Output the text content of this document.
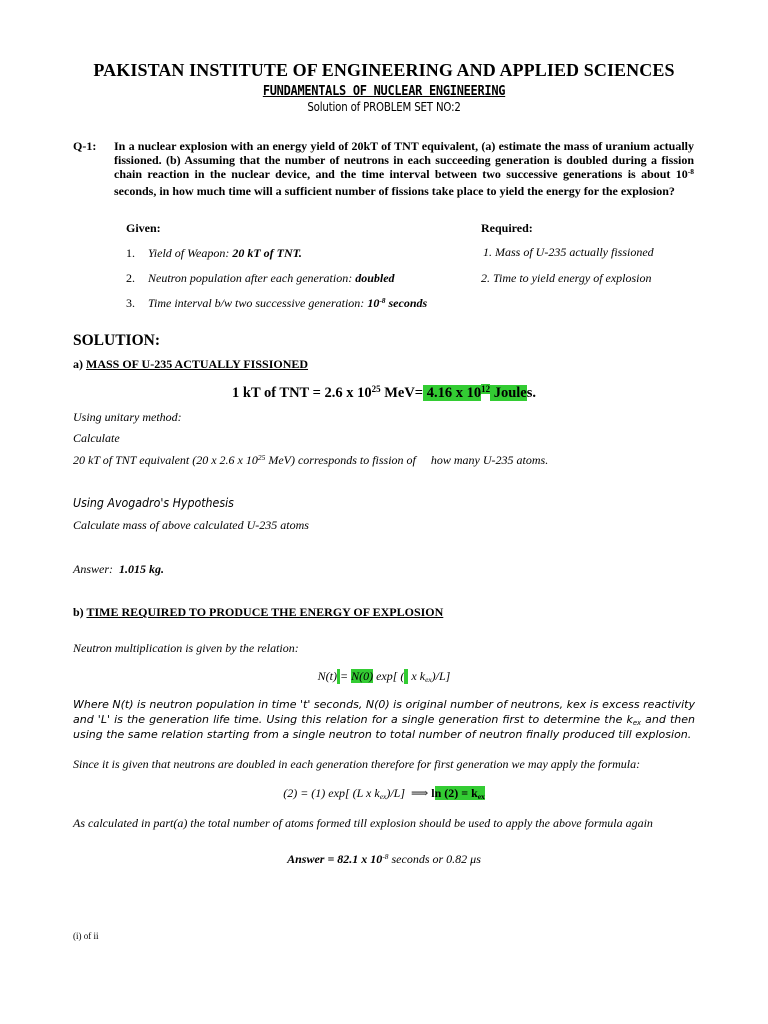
PAKISTAN INSTITUTE OF ENGINEERING AND APPLIED SCIENCES
FUNDAMENTALS OF NUCLEAR ENGINEERING
Solution of PROBLEM SET NO:2
Q-1: In a nuclear explosion with an energy yield of 20kT of TNT equivalent, (a) estimate the mass of uranium actually fissioned. (b) Assuming that the number of neutrons in each succeeding generation is doubled during a fission chain reaction in the nuclear device, and the time interval between two successive generations is about $10^{-8}$ seconds, in how much time will a sufficient number of fissions take place to yield the energy for the explosion?
Given:	Required:
1. Yield of Weapon: 20 kT of TNT.
2. Neutron population after each generation: doubled
3. Time interval b/w two successive generation: $10^{-8}$ seconds
1. Mass of U-235 actually fissioned
2. Time to yield energy of explosion
SOLUTION:
a) MASS OF U-235 ACTUALLY FISSIONED
1 kT of TNT = 2.6 x $10^{25}$ MeV= 4.16 x $10^{12}$ Joules.
Using unitary method:
Calculate
20 kT of TNT equivalent (20 x 2.6 x $10^{25}$ MeV) corresponds to fission of how many U-235 atoms.
Using Avogadro's Hypothesis
Calculate mass of above calculated U-235 atoms
Answer: 1.015 kg.
b) TIME REQUIRED TO PRODUCE THE ENERGY OF EXPLOSION
Neutron multiplication is given by the relation:
N(t) = N(0) exp[ (  x $k_{ex})/L$]
Where N(t) is neutron population in time 't' seconds, N(0) is original number of neutrons, kex is excess reactivity and 'L' is the generation life time. Using this relation for a single generation first to determine the $k_{ex}$ and then using the same relation starting from a single neutron to total number of neutron finally produced till explosion.
Since it is given that neutrons are doubled in each generation therefore for first generation we may apply the formula:
(2) = (1) exp[ (L x $k_{ex})/L$] ⟹ $\ln (2) = k_{ex}$
As calculated in part(a) the total number of atoms formed till explosion should be used to apply the above formula again
Answer = 82.1 x $10^{-8}$ seconds or 0.82 μs
(i) of ii
